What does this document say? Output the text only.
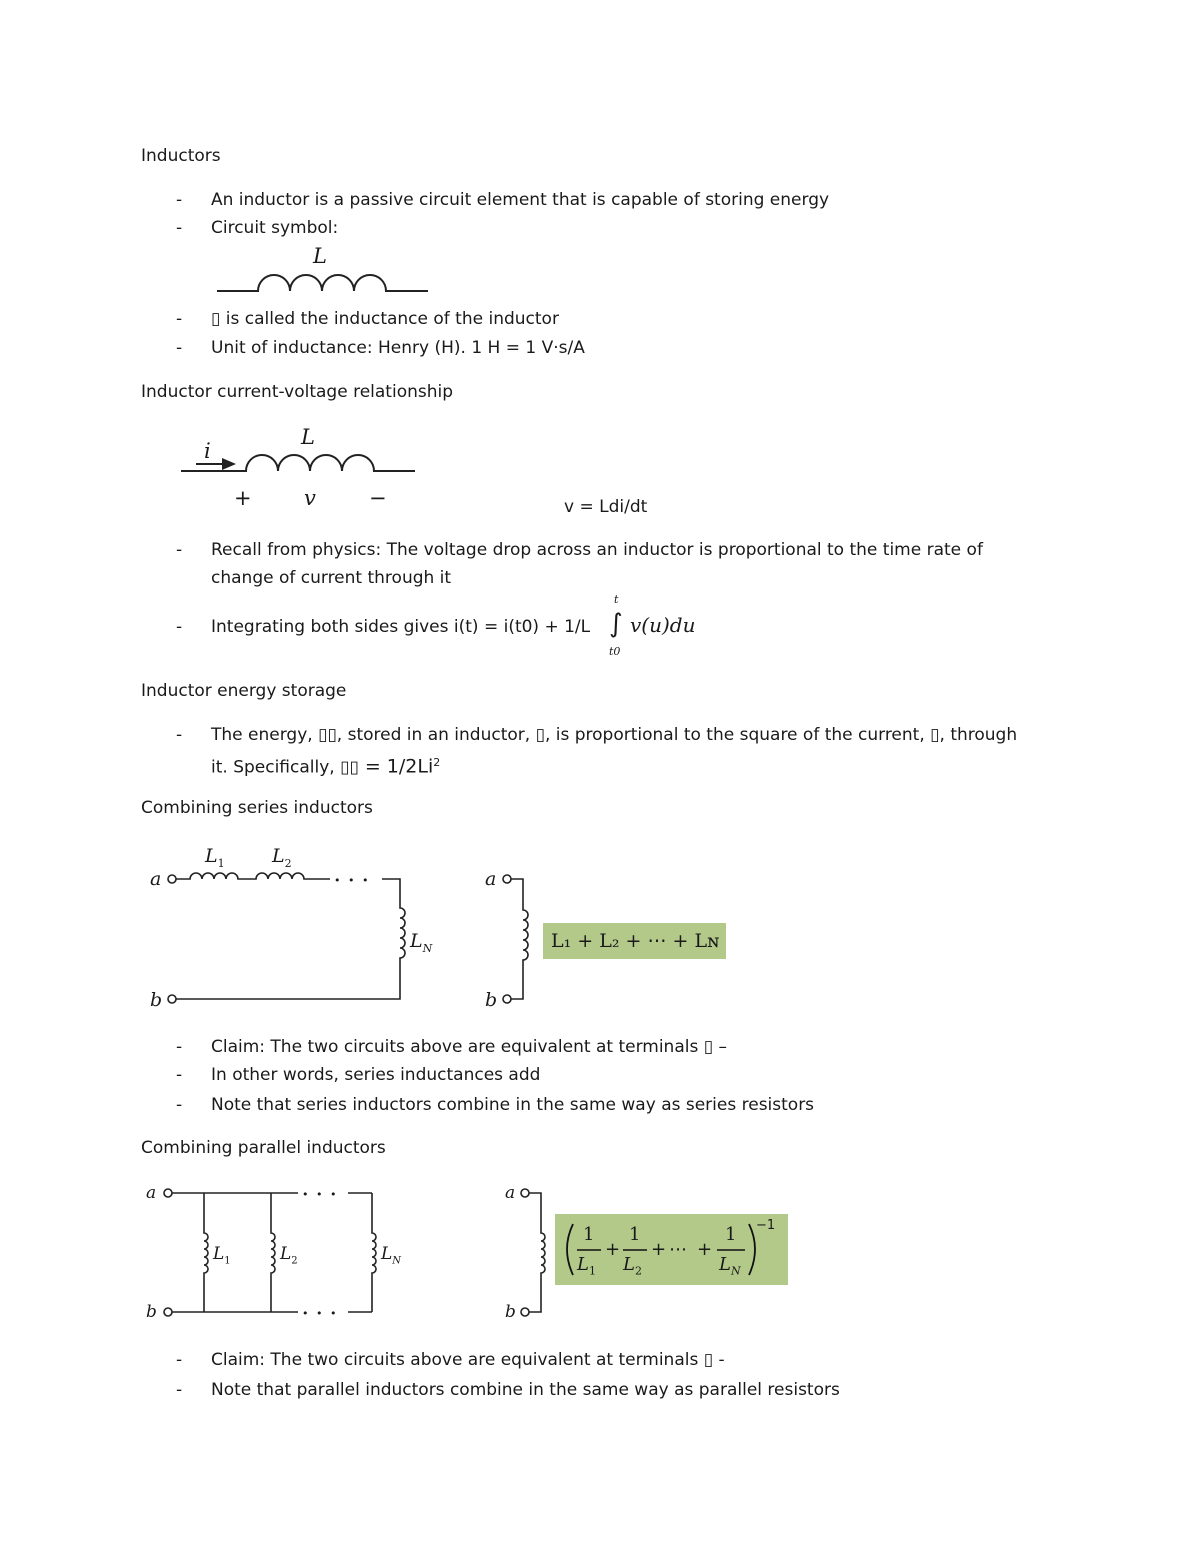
Inductors
- An inductor is a passive circuit element that is capable of storing energy
- Circuit symbol:
L
- ▯ is called the inductance of the inductor
- Unit of inductance: Henry (H). 1 H = 1 V·s/A
Inductor current-voltage relationship
i
L
+ v	−	v = Ldi/dt
- Recall from physics: The voltage drop across an inductor is proportional to the time rate of
change of current through it
- Integrating both sides gives i(t) = i(t0) + 1/L
t
∫ v(u)du
t0
Inductor energy storage
- The energy, ▯▯, stored in an inductor, ▯, is proportional to the square of the current, ▯, through
it. Specifically, ▯▯ = $1/2Li^2$
Combining series inductors
a
b
$L_1$ $L_2$
• • •
$L_N$
a
b
L₁ + L₂ + ⋯ + Lɴ
- Claim: The two circuits above are equivalent at terminals ▯ –
- In other words, series inductances add
- Note that series inductors combine in the same way as series resistors
Combining parallel inductors
a
b
• • •
• • •
$L_1$	$L_2$	$L_N$
a
b
1
$L_1$
+
1
$L_2$
+ ⋯ +
1
$L_N$
−1
- Claim: The two circuits above are equivalent at terminals ▯ -
- Note that parallel inductors combine in the same way as parallel resistors
